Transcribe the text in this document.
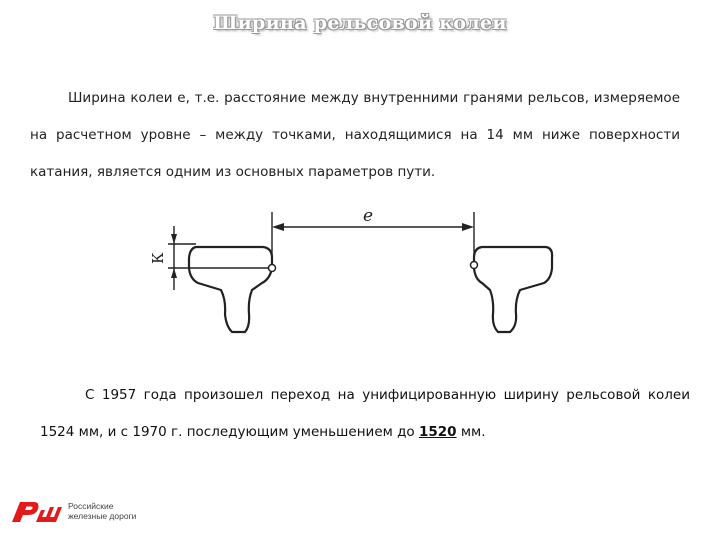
Ширина рельсовой колеи
Ширина колеи е, т.е. расстояние между внутренними гранями рельсов, измеряемое на расчетном уровне – между точками, находящимися на 14 мм ниже поверхности катания, является одним из основных параметров пути.
е
К
С 1957 года произошел переход на унифицированную ширину рельсовой колеи 1524 мм, и с 1970 г. последующим уменьшением до 1520 мм.
Российские
железные дороги
